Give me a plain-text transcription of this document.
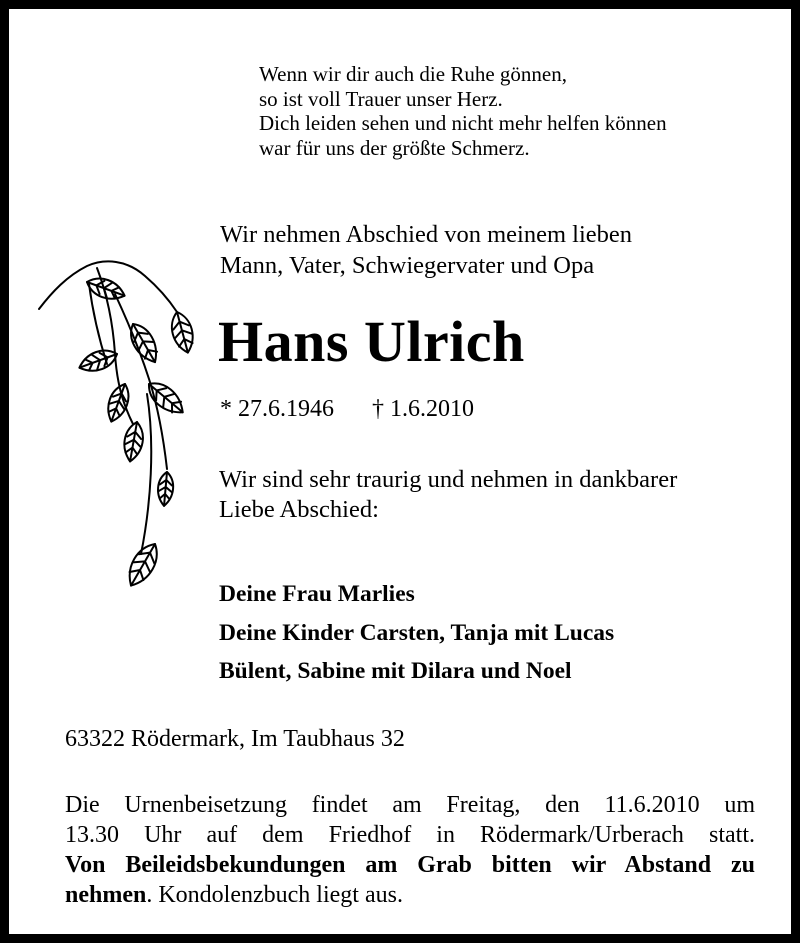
Wenn wir dir auch die Ruhe gönnen,
so ist voll Trauer unser Herz.
Dich leiden sehen und nicht mehr helfen können
war für uns der größte Schmerz.
Wir nehmen Abschied von meinem lieben
Mann, Vater, Schwiegervater und Opa
Hans Ulrich
* 27.6.1946 † 1.6.2010
Wir sind sehr traurig und nehmen in dankbarer
Liebe Abschied:
Deine Frau Marlies
Deine Kinder Carsten, Tanja mit Lucas
Bülent, Sabine mit Dilara und Noel
63322 Rödermark, Im Taubhaus 32
Die Urnenbeisetzung findet am Freitag, den 11.6.2010 um
13.30 Uhr auf dem Friedhof in Rödermark/Urberach statt.
Von Beileidsbekundungen am Grab bitten wir Abstand zu
nehmen. Kondolenzbuch liegt aus.
